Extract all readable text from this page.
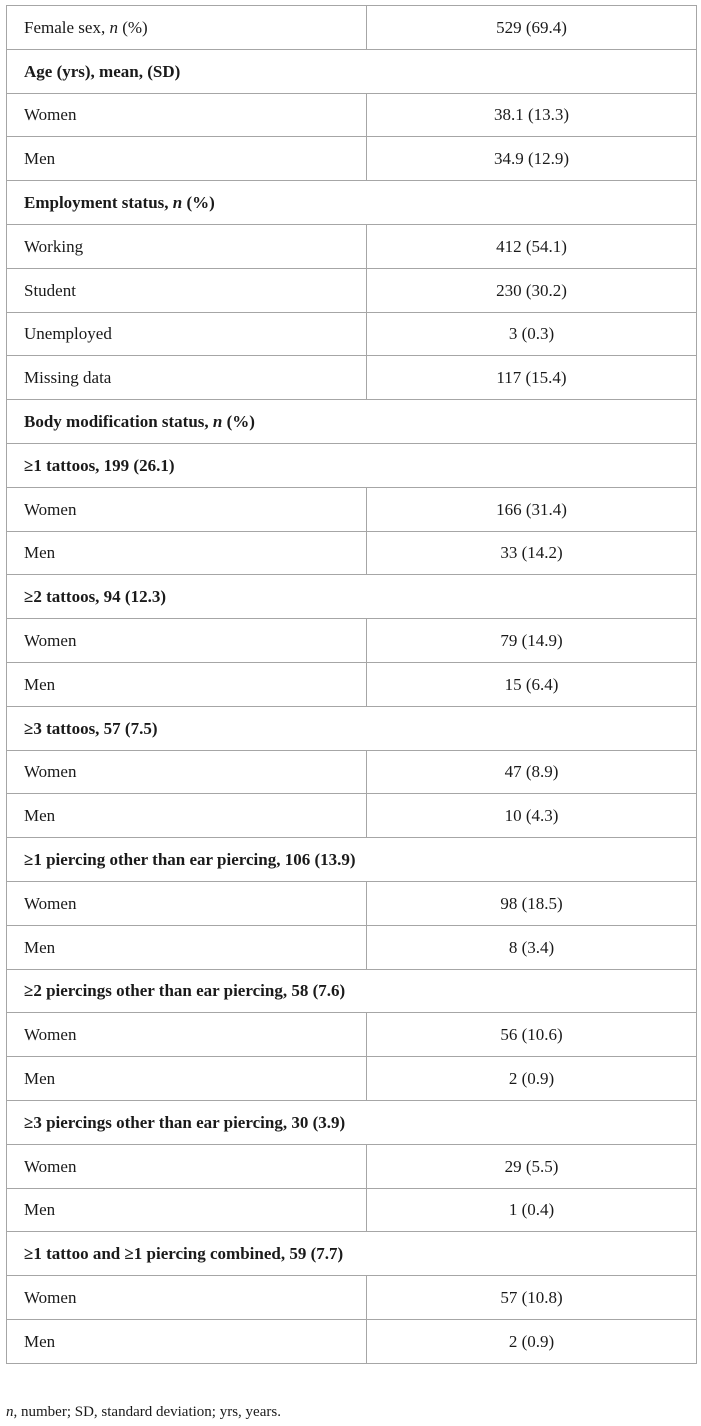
Female sex, n (%)	529 (69.4)
Age (yrs), mean, (SD)	
Women	38.1 (13.3)
Men	34.9 (12.9)
Employment status, n (%)	
Working	412 (54.1)
Student	230 (30.2)
Unemployed	3 (0.3)
Missing data	117 (15.4)
Body modification status, n (%)	
≥1 tattoos, 199 (26.1)	
Women	166 (31.4)
Men	33 (14.2)
≥2 tattoos, 94 (12.3)	
Women	79 (14.9)
Men	15 (6.4)
≥3 tattoos, 57 (7.5)	
Women	47 (8.9)
Men	10 (4.3)
≥1 piercing other than ear piercing, 106 (13.9)	
Women	98 (18.5)
Men	8 (3.4)
≥2 piercings other than ear piercing, 58 (7.6)	
Women	56 (10.6)
Men	2 (0.9)
≥3 piercings other than ear piercing, 30 (3.9)	
Women	29 (5.5)
Men	1 (0.4)
≥1 tattoo and ≥1 piercing combined, 59 (7.7)	
Women	57 (10.8)
Men	2 (0.9)
n, number; SD, standard deviation; yrs, years.
